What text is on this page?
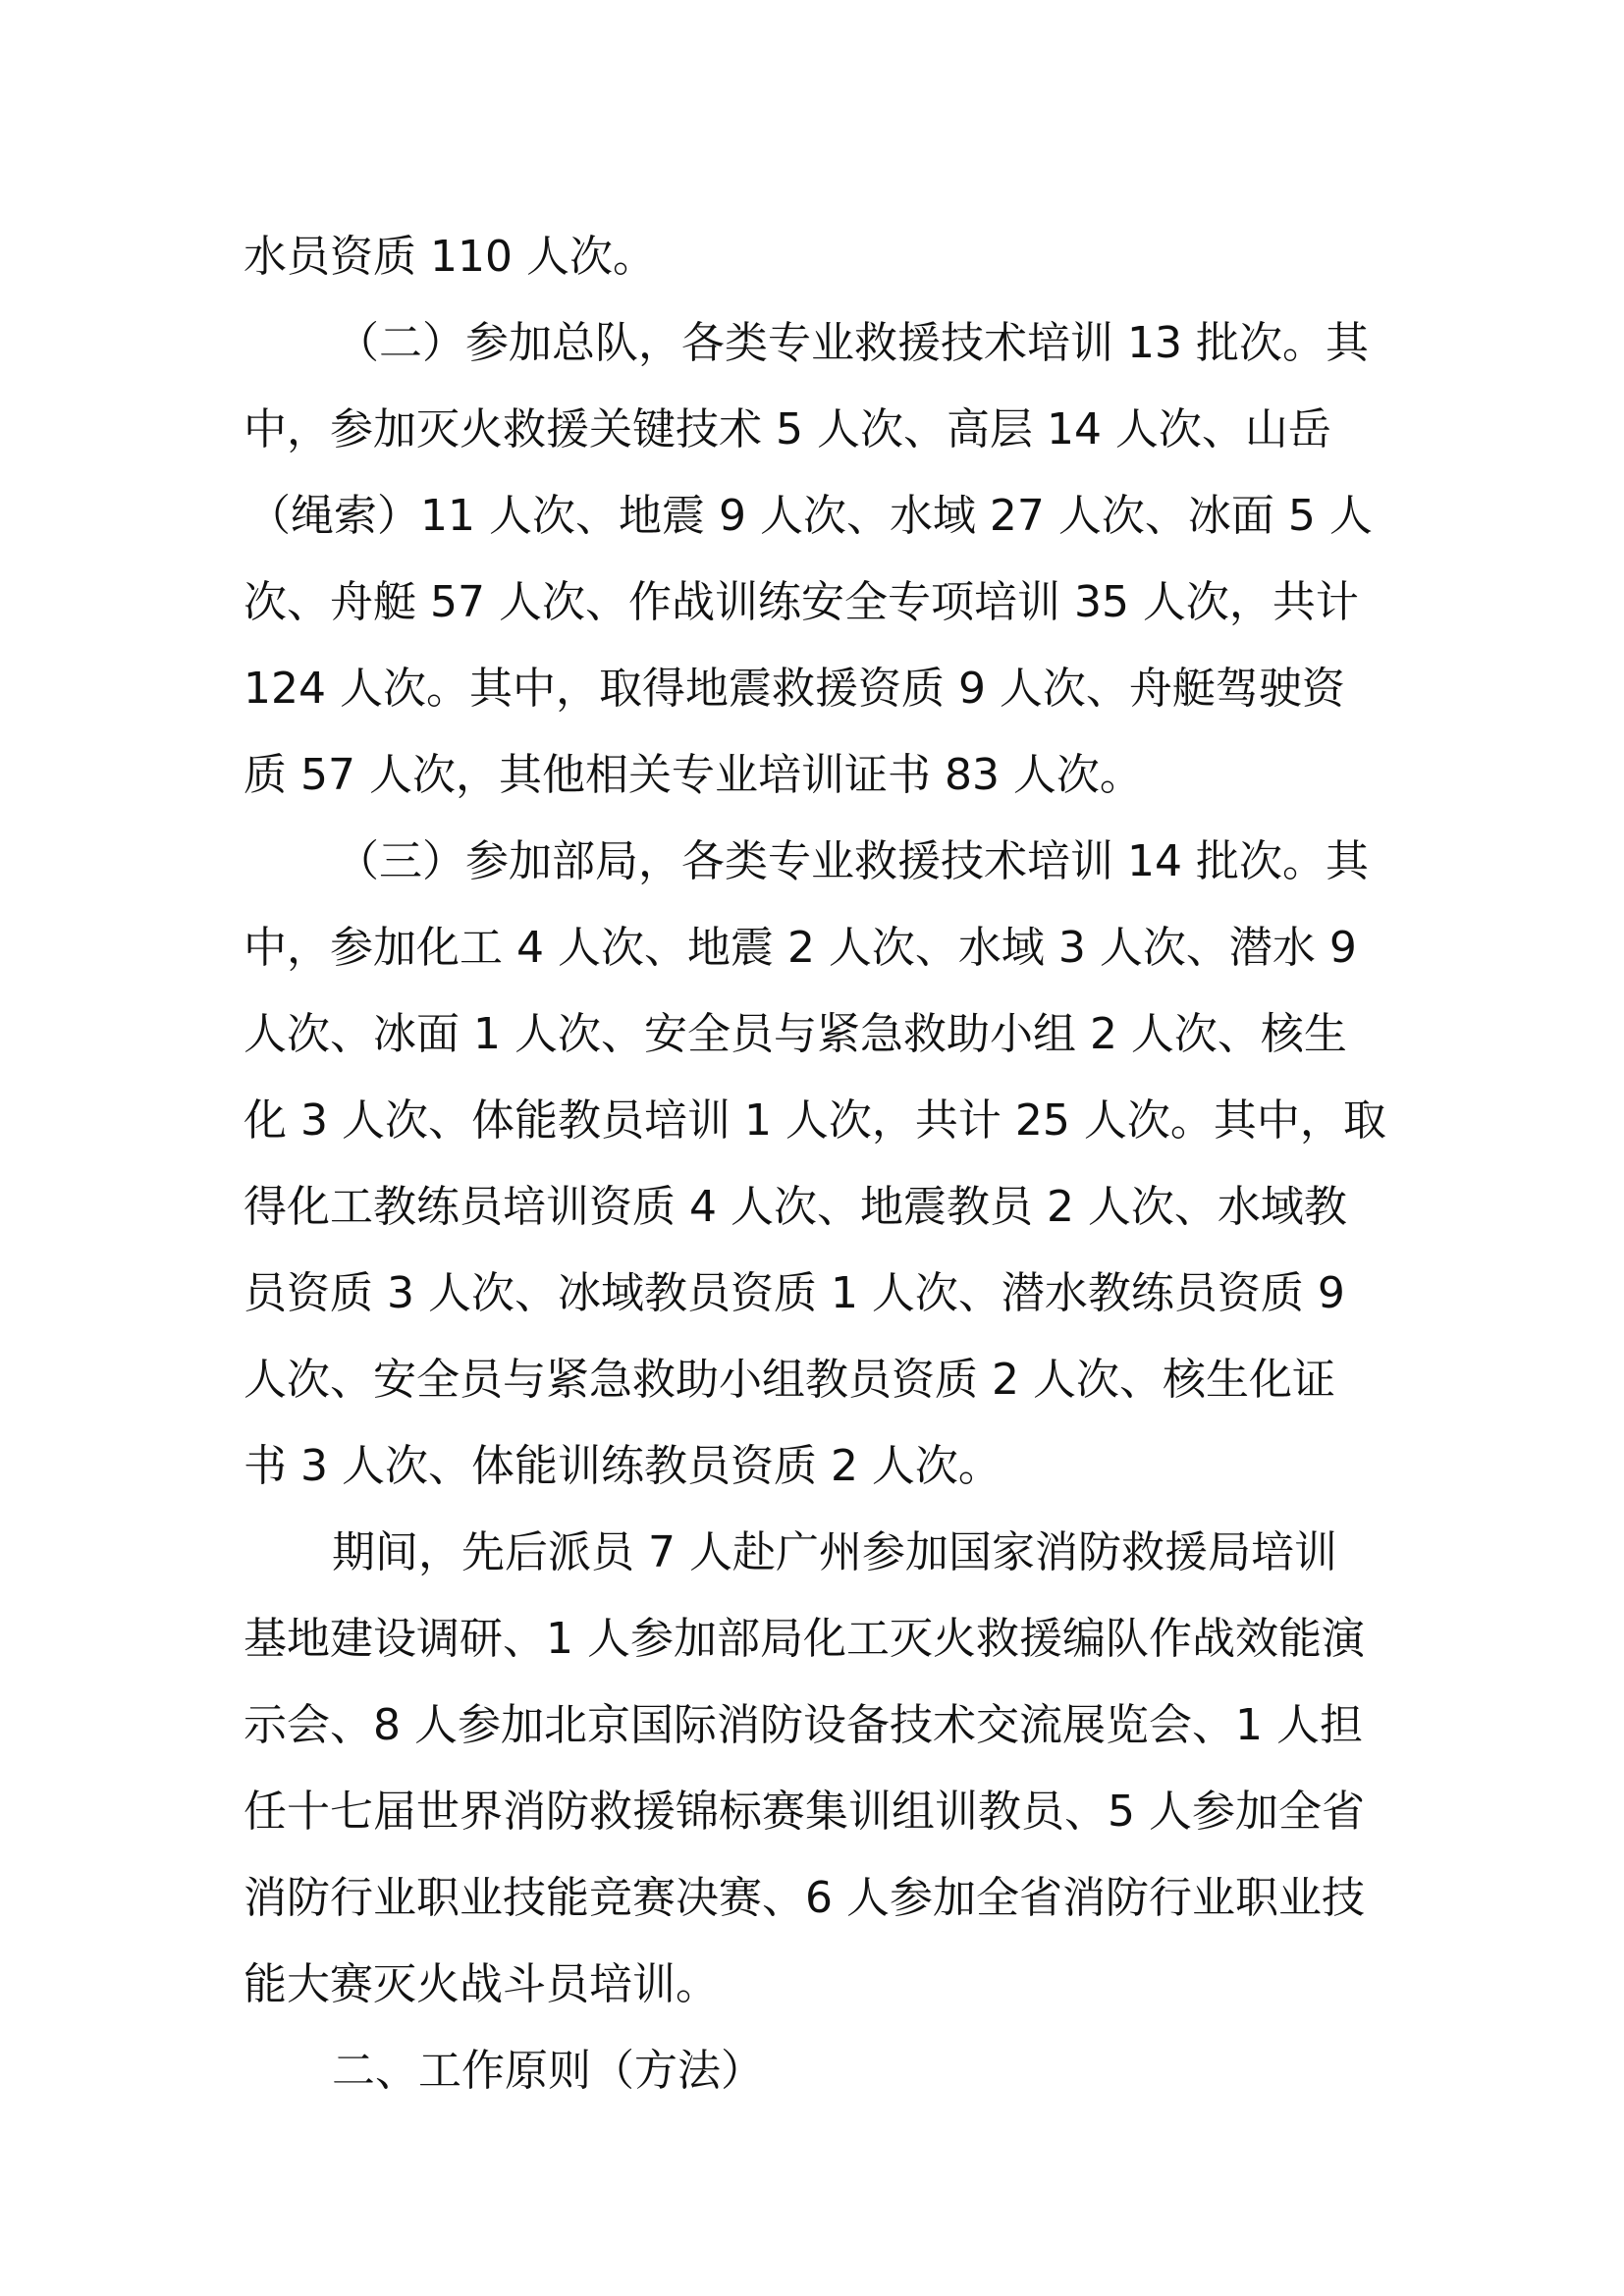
水员资质 110 人次。
（二）参加总队，各类专业救援技术培训 13 批次。其
中，参加灭火救援关键技术 5 人次、高层 14 人次、山岳
（绳索）11 人次、地震 9 人次、水域 27 人次、冰面 5 人
次、舟艇 57 人次、作战训练安全专项培训 35 人次，共计
124 人次。其中，取得地震救援资质 9 人次、舟艇驾驶资
质 57 人次，其他相关专业培训证书 83 人次。
（三）参加部局，各类专业救援技术培训 14 批次。其
中，参加化工 4 人次、地震 2 人次、水域 3 人次、潜水 9
人次、冰面 1 人次、安全员与紧急救助小组 2 人次、核生
化 3 人次、体能教员培训 1 人次，共计 25 人次。其中，取
得化工教练员培训资质 4 人次、地震教员 2 人次、水域教
员资质 3 人次、冰域教员资质 1 人次、潜水教练员资质 9
人次、安全员与紧急救助小组教员资质 2 人次、核生化证
书 3 人次、体能训练教员资质 2 人次。
期间，先后派员 7 人赴广州参加国家消防救援局培训
基地建设调研、1 人参加部局化工灭火救援编队作战效能演
示会、8 人参加北京国际消防设备技术交流展览会、1 人担
任十七届世界消防救援锦标赛集训组训教员、5 人参加全省
消防行业职业技能竞赛决赛、6 人参加全省消防行业职业技
能大赛灭火战斗员培训。
二、工作原则（方法）
